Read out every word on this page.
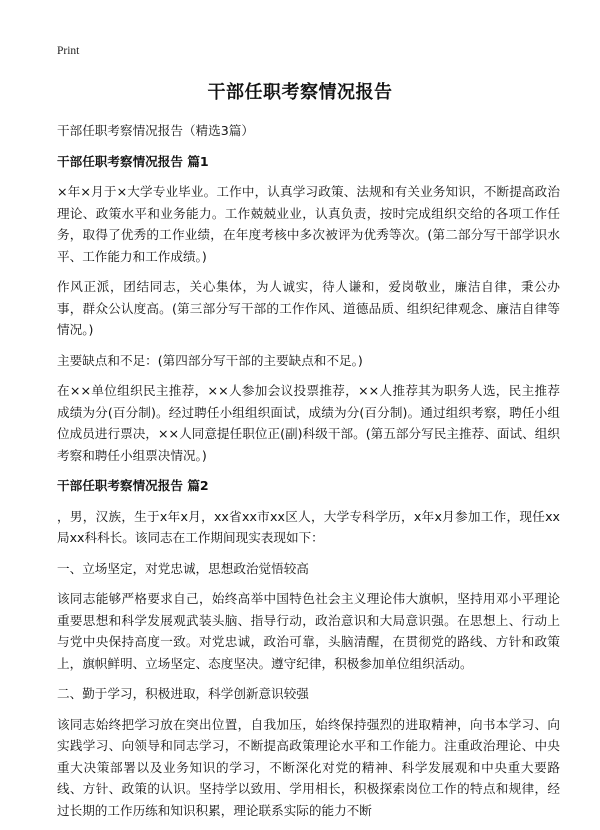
Print
干部任职考察情况报告

干部任职考察情况报告（精选3篇）

干部任职考察情况报告 篇1

×年×月于×大学专业毕业。工作中，认真学习政策、法规和有关业务知识，不断提高政治理论、政策水平和业务能力。工作兢兢业业，认真负责，按时完成组织交给的各项工作任务，取得了优秀的工作业绩，在年度考核中多次被评为优秀等次。(第二部分写干部学识水平、工作能力和工作成绩。)

作风正派，团结同志，关心集体，为人诚实，待人谦和，爱岗敬业，廉洁自律，秉公办事，群众公认度高。(第三部分写干部的工作作风、道德品质、组织纪律观念、廉洁自律等情况。)

主要缺点和不足：(第四部分写干部的主要缺点和不足。)

在××单位组织民主推荐，××人参加会议投票推荐，××人推荐其为职务人选，民主推荐成绩为分(百分制)。经过聘任小组组织面试，成绩为分(百分制)。通过组织考察，聘任小组位成员进行票决，××人同意提任职位正(副)科级干部。(第五部分写民主推荐、面试、组织考察和聘任小组票决情况。)

干部任职考察情况报告 篇2

，男，汉族，生于x年x月，xx省xx市xx区人，大学专科学历，x年x月参加工作，现任xx局xx科科长。该同志在工作期间现实表现如下：

一、立场坚定，对党忠诚，思想政治觉悟较高

该同志能够严格要求自己，始终高举中国特色社会主义理论伟大旗帜，坚持用邓小平理论重要思想和科学发展观武装头脑、指导行动，政治意识和大局意识强。在思想上、行动上与党中央保持高度一致。对党忠诚，政治可靠，头脑清醒，在贯彻党的路线、方针和政策上，旗帜鲜明、立场坚定、态度坚决。遵守纪律，积极参加单位组织活动。

二、勤于学习，积极进取，科学创新意识较强

该同志始终把学习放在突出位置，自我加压，始终保持强烈的进取精神，向书本学习、向实践学习、向领导和同志学习，不断提高政策理论水平和工作能力。注重政治理论、中央重大决策部署以及业务知识的学习，不断深化对党的精神、科学发展观和中央重大要路线、方针、政策的认识。坚持学以致用、学用相长，积极探索岗位工作的特点和规律，经过长期的工作历练和知识积累，理论联系实际的能力不断
